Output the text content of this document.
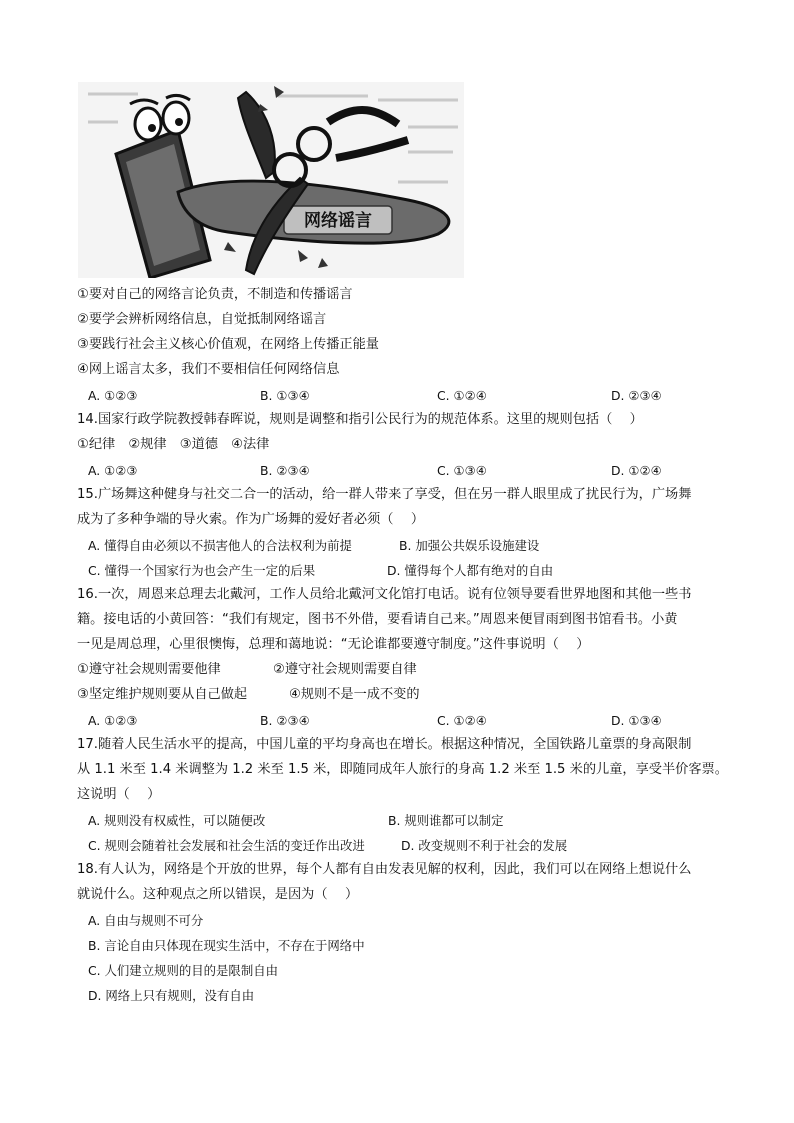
网络谣言
①要对自己的网络言论负责，不制造和传播谣言
②要学会辨析网络信息，自觉抵制网络谣言
③要践行社会主义核心价值观，在网络上传播正能量
④网上谣言太多，我们不要相信任何网络信息
A. ①②③	B. ①③④	C. ①②④	D. ②③④
14.国家行政学院教授韩春晖说，规则是调整和指引公民行为的规范体系。这里的规则包括（　 ）
①纪律　②规律　③道德　④法律
A. ①②③	B. ②③④	C. ①③④	D. ①②④
15.广场舞这种健身与社交二合一的活动，给一群人带来了享受，但在另一群人眼里成了扰民行为，广场舞
成为了多种争端的导火索。作为广场舞的爱好者必须（　 ）
A. 懂得自由必须以不损害他人的合法权利为前提	B. 加强公共娱乐设施建设
C. 懂得一个国家行为也会产生一定的后果	D. 懂得每个人都有绝对的自由
16.一次，周恩来总理去北戴河，工作人员给北戴河文化馆打电话。说有位领导要看世界地图和其他一些书
籍。接电话的小黄回答：“我们有规定，图书不外借，要看请自己来。”周恩来便冒雨到图书馆看书。小黄
一见是周总理，心里很懊悔，总理和蔼地说：“无论谁都要遵守制度。”这件事说明（　 ）
①遵守社会规则需要他律	②遵守社会规则需要自律
③坚定维护规则要从自己做起	④规则不是一成不变的
A. ①②③	B. ②③④	C. ①②④	D. ①③④
17.随着人民生活水平的提高，中国儿童的平均身高也在增长。根据这种情况，全国铁路儿童票的身高限制
从 1.1 米至 1.4 米调整为 1.2 米至 1.5 米，即随同成年人旅行的身高 1.2 米至 1.5 米的儿童，享受半价客票。
这说明（　 ）
A. 规则没有权威性，可以随便改	B. 规则谁都可以制定
C. 规则会随着社会发展和社会生活的变迁作出改进	D. 改变规则不利于社会的发展
18.有人认为，网络是个开放的世界，每个人都有自由发表见解的权利，因此，我们可以在网络上想说什么
就说什么。这种观点之所以错误，是因为（　 ）
A. 自由与规则不可分
B. 言论自由只体现在现实生活中，不存在于网络中
C. 人们建立规则的目的是限制自由
D. 网络上只有规则，没有自由
